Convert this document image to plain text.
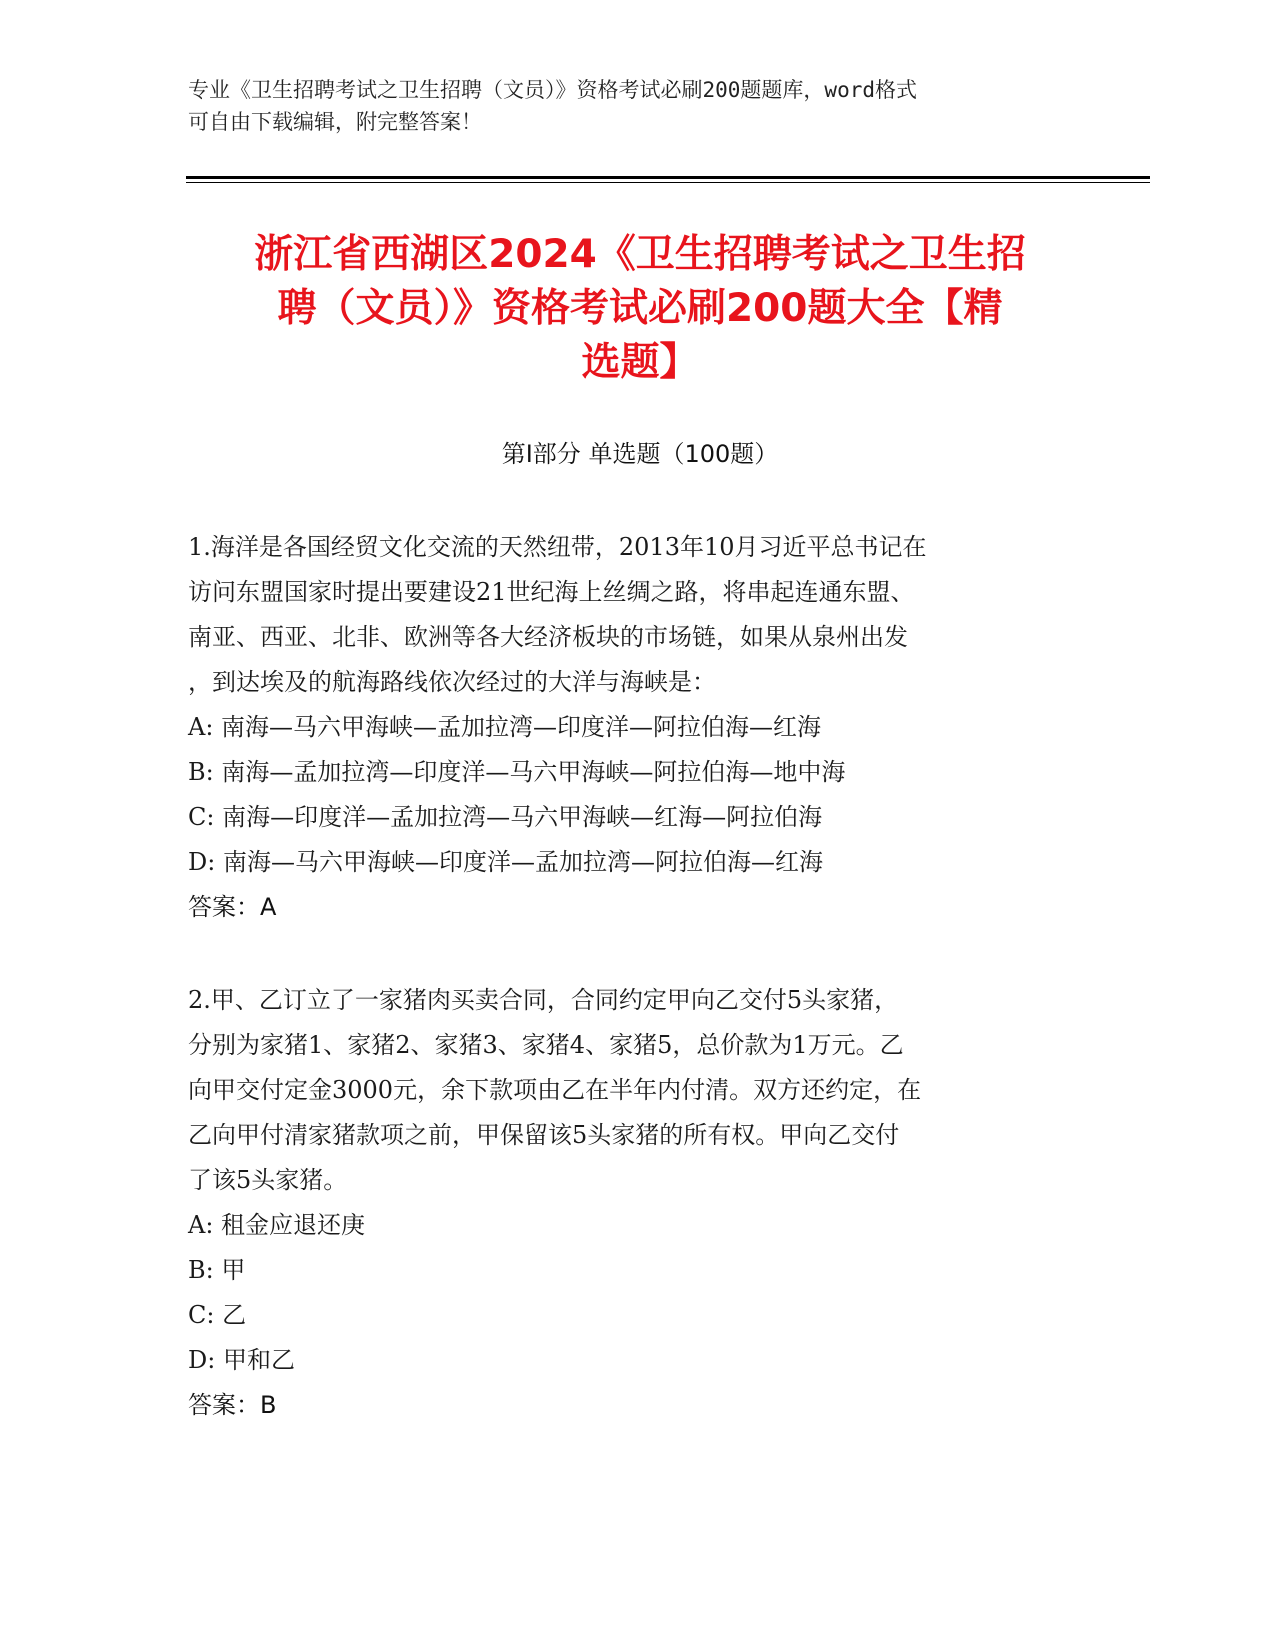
专业《卫生招聘考试之卫生招聘（文员）》资格考试必刷200题题库，word格式
可自由下载编辑，附完整答案！
浙江省西湖区2024《卫生招聘考试之卫生招
聘（文员）》资格考试必刷200题大全【精
选题】
第Ⅰ部分 单选题（100题）
1.海洋是各国经贸文化交流的天然纽带，2013年10月习近平总书记在
访问东盟国家时提出要建设21世纪海上丝绸之路，将串起连通东盟、
南亚、西亚、北非、欧洲等各大经济板块的市场链，如果从泉州出发
，到达埃及的航海路线依次经过的大洋与海峡是：
A: 南海—马六甲海峡—孟加拉湾—印度洋—阿拉伯海—红海
B: 南海—孟加拉湾—印度洋—马六甲海峡—阿拉伯海—地中海
C: 南海—印度洋—孟加拉湾—马六甲海峡—红海—阿拉伯海
D: 南海—马六甲海峡—印度洋—孟加拉湾—阿拉伯海—红海
答案：A
2.甲、乙订立了一家猪肉买卖合同，合同约定甲向乙交付5头家猪，
分别为家猪1、家猪2、家猪3、家猪4、家猪5，总价款为1万元。乙
向甲交付定金3000元，余下款项由乙在半年内付清。双方还约定，在
乙向甲付清家猪款项之前，甲保留该5头家猪的所有权。甲向乙交付
了该5头家猪。
A: 租金应退还庚
B: 甲
C: 乙
D: 甲和乙
答案：B
